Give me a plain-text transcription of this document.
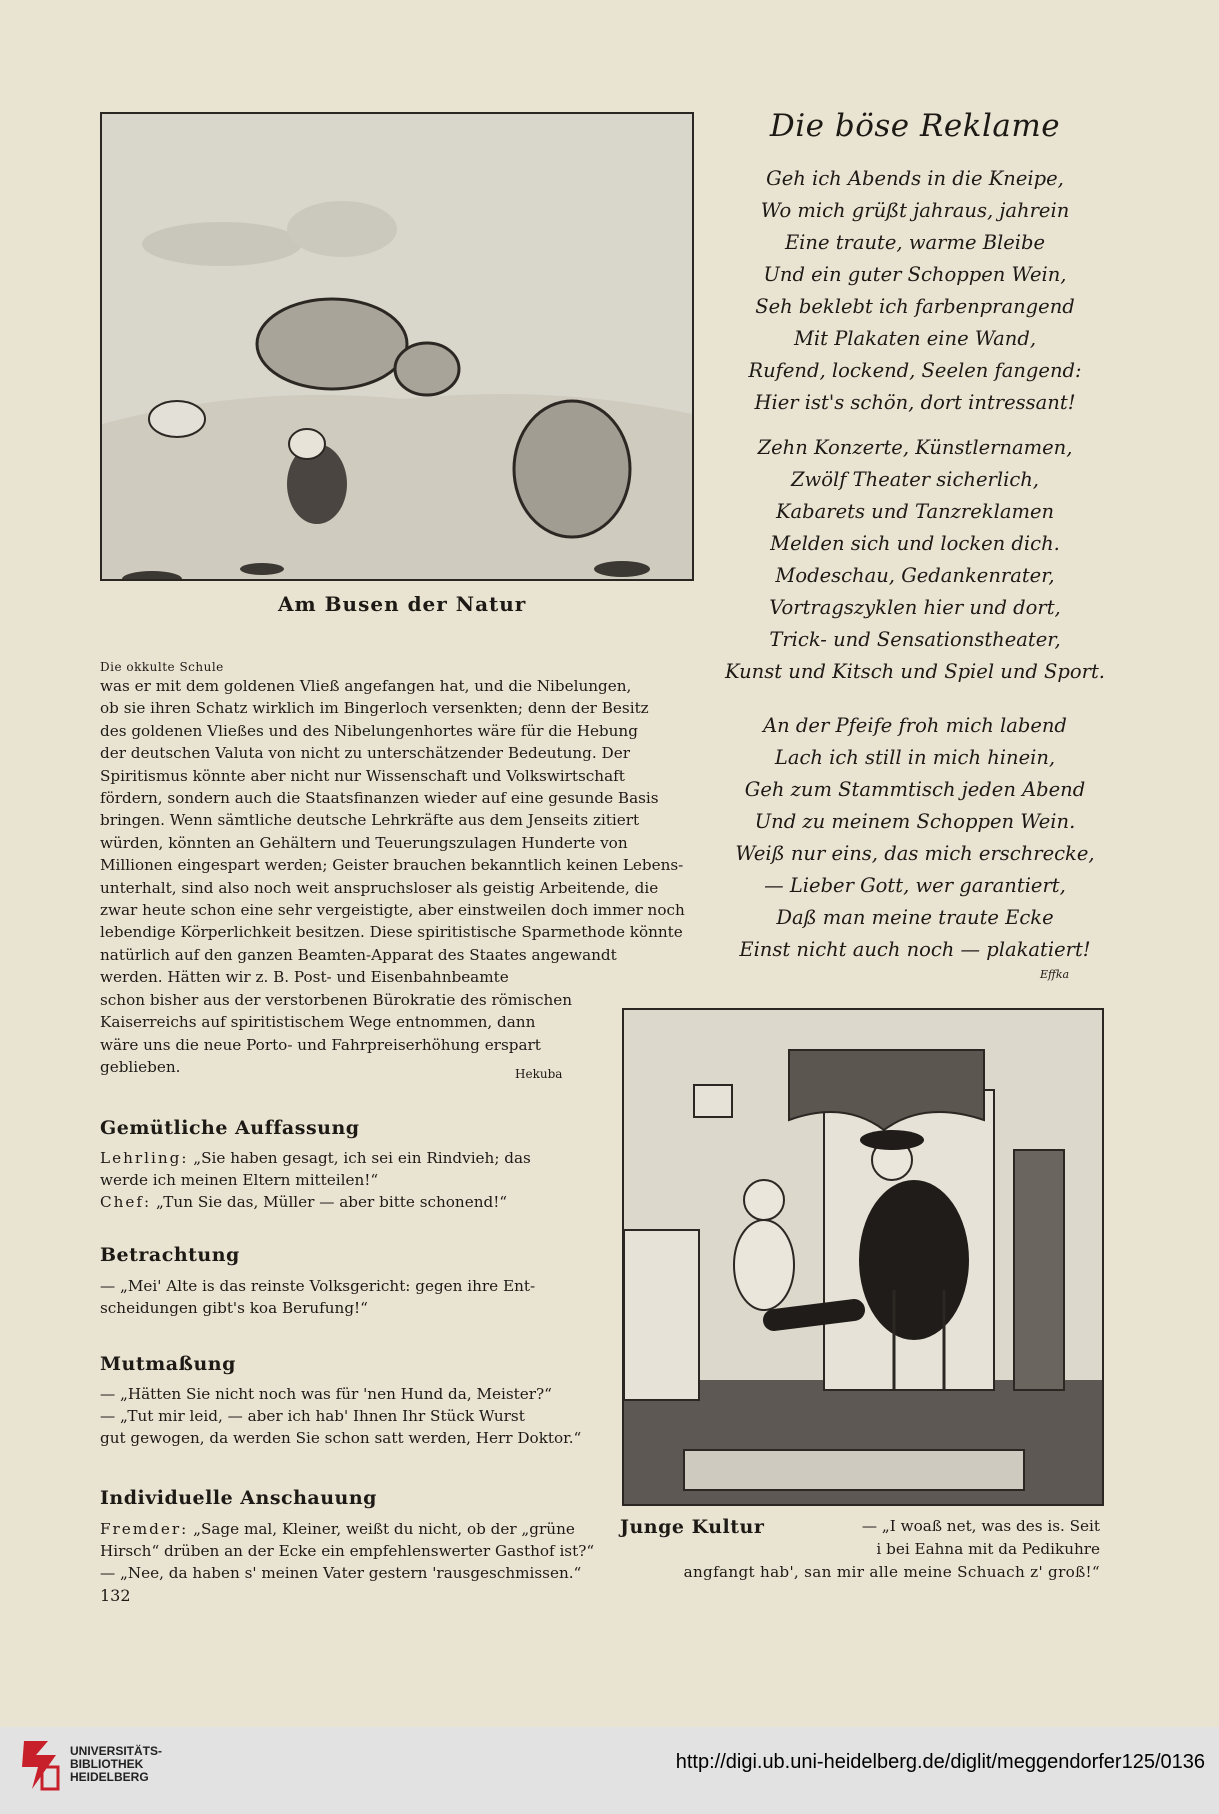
Am Busen der Natur
Die böse Reklame
Geh ich Abends in die Kneipe,
Wo mich grüßt jahraus, jahrein
Eine traute, warme Bleibe
Und ein guter Schoppen Wein,
Seh beklebt ich farbenprangend
Mit Plakaten eine Wand,
Rufend, lockend, Seelen fangend:
Hier ist's schön, dort intressant!
Zehn Konzerte, Künstlernamen,
Zwölf Theater sicherlich,
Kabarets und Tanzreklamen
Melden sich und locken dich.
Modeschau, Gedankenrater,
Vortragszyklen hier und dort,
Trick- und Sensationstheater,
Kunst und Kitsch und Spiel und Sport.
An der Pfeife froh mich labend
Lach ich still in mich hinein,
Geh zum Stammtisch jeden Abend
Und zu meinem Schoppen Wein.
Weiß nur eins, das mich erschrecke,
— Lieber Gott, wer garantiert,
Daß man meine traute Ecke
Einst nicht auch noch — plakatiert!
Effka
Die okkulte Schule
was er mit dem goldenen Vließ angefangen hat, und die Nibelungen,
ob sie ihren Schatz wirklich im Bingerloch versenkten; denn der Besitz
des goldenen Vließes und des Nibelungenhortes wäre für die Hebung
der deutschen Valuta von nicht zu unterschätzender Bedeutung. Der
Spiritismus könnte aber nicht nur Wissenschaft und Volkswirtschaft
fördern, sondern auch die Staatsfinanzen wieder auf eine gesunde Basis
bringen. Wenn sämtliche deutsche Lehrkräfte aus dem Jenseits zitiert
würden, könnten an Gehältern und Teuerungszulagen Hunderte von
Millionen eingespart werden; Geister brauchen bekanntlich keinen Lebens-
unterhalt, sind also noch weit anspruchsloser als geistig Arbeitende, die
zwar heute schon eine sehr vergeistigte, aber einstweilen doch immer noch
lebendige Körperlichkeit besitzen. Diese spiritistische Sparmethode könnte
natürlich auf den ganzen Beamten-Apparat des Staates angewandt
werden. Hätten wir z. B. Post- und Eisenbahnbeamte
schon bisher aus der verstorbenen Bürokratie des römischen
Kaiserreichs auf spiritistischem Wege entnommen, dann
wäre uns die neue Porto- und Fahrpreiserhöhung erspart
geblieben.	Hekuba
Gemütliche Auffassung
Lehrling: „Sie haben gesagt, ich sei ein Rindvieh; das
werde ich meinen Eltern mitteilen!“
Chef: „Tun Sie das, Müller — aber bitte schonend!“
Betrachtung
— „Mei' Alte is das reinste Volksgericht: gegen ihre Ent-
scheidungen gibt's koa Berufung!“
Mutmaßung
— „Hätten Sie nicht noch was für 'nen Hund da, Meister?“
— „Tut mir leid, — aber ich hab' Ihnen Ihr Stück Wurst
gut gewogen, da werden Sie schon satt werden, Herr Doktor.“
Individuelle Anschauung
Fremder: „Sage mal, Kleiner, weißt du nicht, ob der „grüne
Hirsch“ drüben an der Ecke ein empfehlenswerter Gasthof ist?“
— „Nee, da haben s' meinen Vater gestern 'rausgeschmissen.“
Junge Kultur	— „I woaß net, was des is. Seit
i bei Eahna mit da Pedikuhre
angfangt hab', san mir alle meine Schuach z' groß!“
132
UNIVERSITÄTS-
BIBLIOTHEK
HEIDELBERG
http://digi.ub.uni-heidelberg.de/diglit/meggendorfer125/0136
